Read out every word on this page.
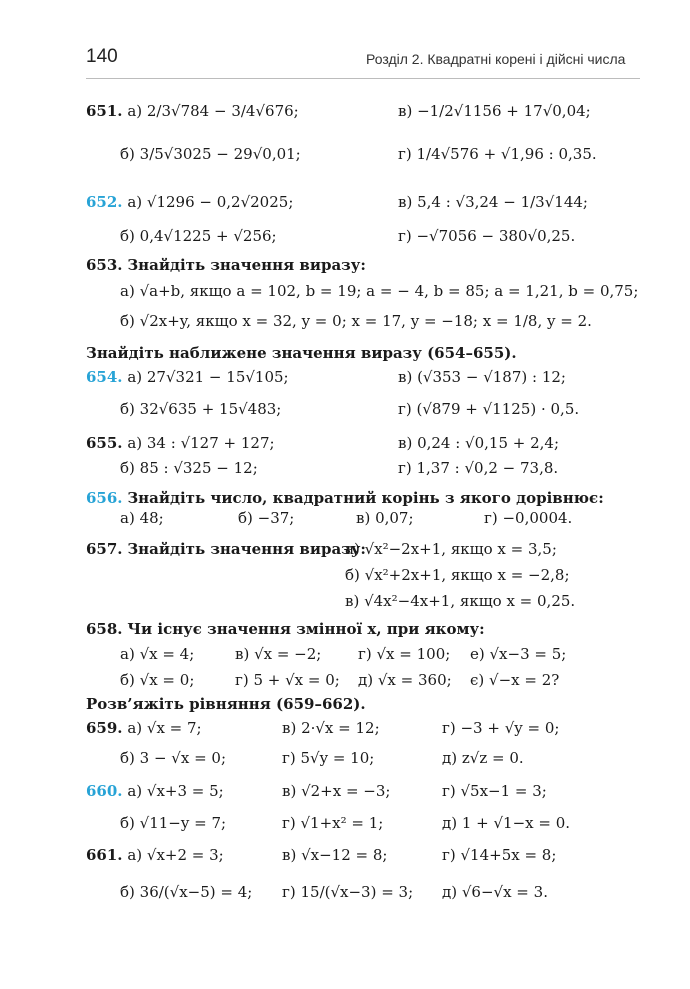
140	Розділ 2. Квадратні корені і дійсні числа
651. а) 2/3√784 − 3/4√676;	в) −1/2√1156 + 17√0,04;
б) 3/5√3025 − 29√0,01;	г) 1/4√576 + √1,96 : 0,35.
652. а) √1296 − 0,2√2025;	в) 5,4 : √3,24 − 1/3√144;
б) 0,4√1225 + √256;	г) −√7056 − 380√0,25.
653. Знайдіть значення виразу:
а) √a+b, якщо a = 102, b = 19; a = − 4, b = 85; a = 1,21, b = 0,75;
б) √2x+y, якщо x = 32, y = 0; x = 17, y = −18; x = 1/8, y = 2.
Знайдіть наближене значення виразу (654–655).
654. а) 27√321 − 15√105;	в) (√353 − √187) : 12;
б) 32√635 + 15√483;	г) (√879 + √1125) · 0,5.
655. а) 34 : √127 + 127;	в) 0,24 : √0,15 + 2,4;
б) 85 : √325 − 12;	г) 1,37 : √0,2 − 73,8.
656. Знайдіть число, квадратний корінь з якого дорівнює:
а) 48;	б) −37;	в) 0,07;	г) −0,0004.
657. Знайдіть значення виразу:
а) √x²−2x+1, якщо x = 3,5;
б) √x²+2x+1, якщо x = −2,8;
в) √4x²−4x+1, якщо x = 0,25.
658. Чи існує значення змінної x, при якому:
а) √x = 4;	в) √x = −2; г) √x = 100; е) √x−3 = 5;
б) √x = 0;	г) 5 + √x = 0; д) √x = 360; є) √−x = 2?
Розв’яжіть рівняння (659–662).
659. а) √x = 7;	в) 2·√x = 12;	г) −3 + √y = 0;
б) 3 − √x = 0;	г) 5√y = 10;	д) z√z = 0.
660. а) √x+3 = 5;	в) √2+x = −3;	г) √5x−1 = 3;
б) √11−y = 7;	г) √1+x² = 1;	д) 1 + √1−x = 0.
661. а) √x+2 = 3;	в) √x−12 = 8;	г) √14+5x = 8;
б) 36/(√x−5) = 4; г) 15/(√x−3) = 3; д) √6−√x = 3.
